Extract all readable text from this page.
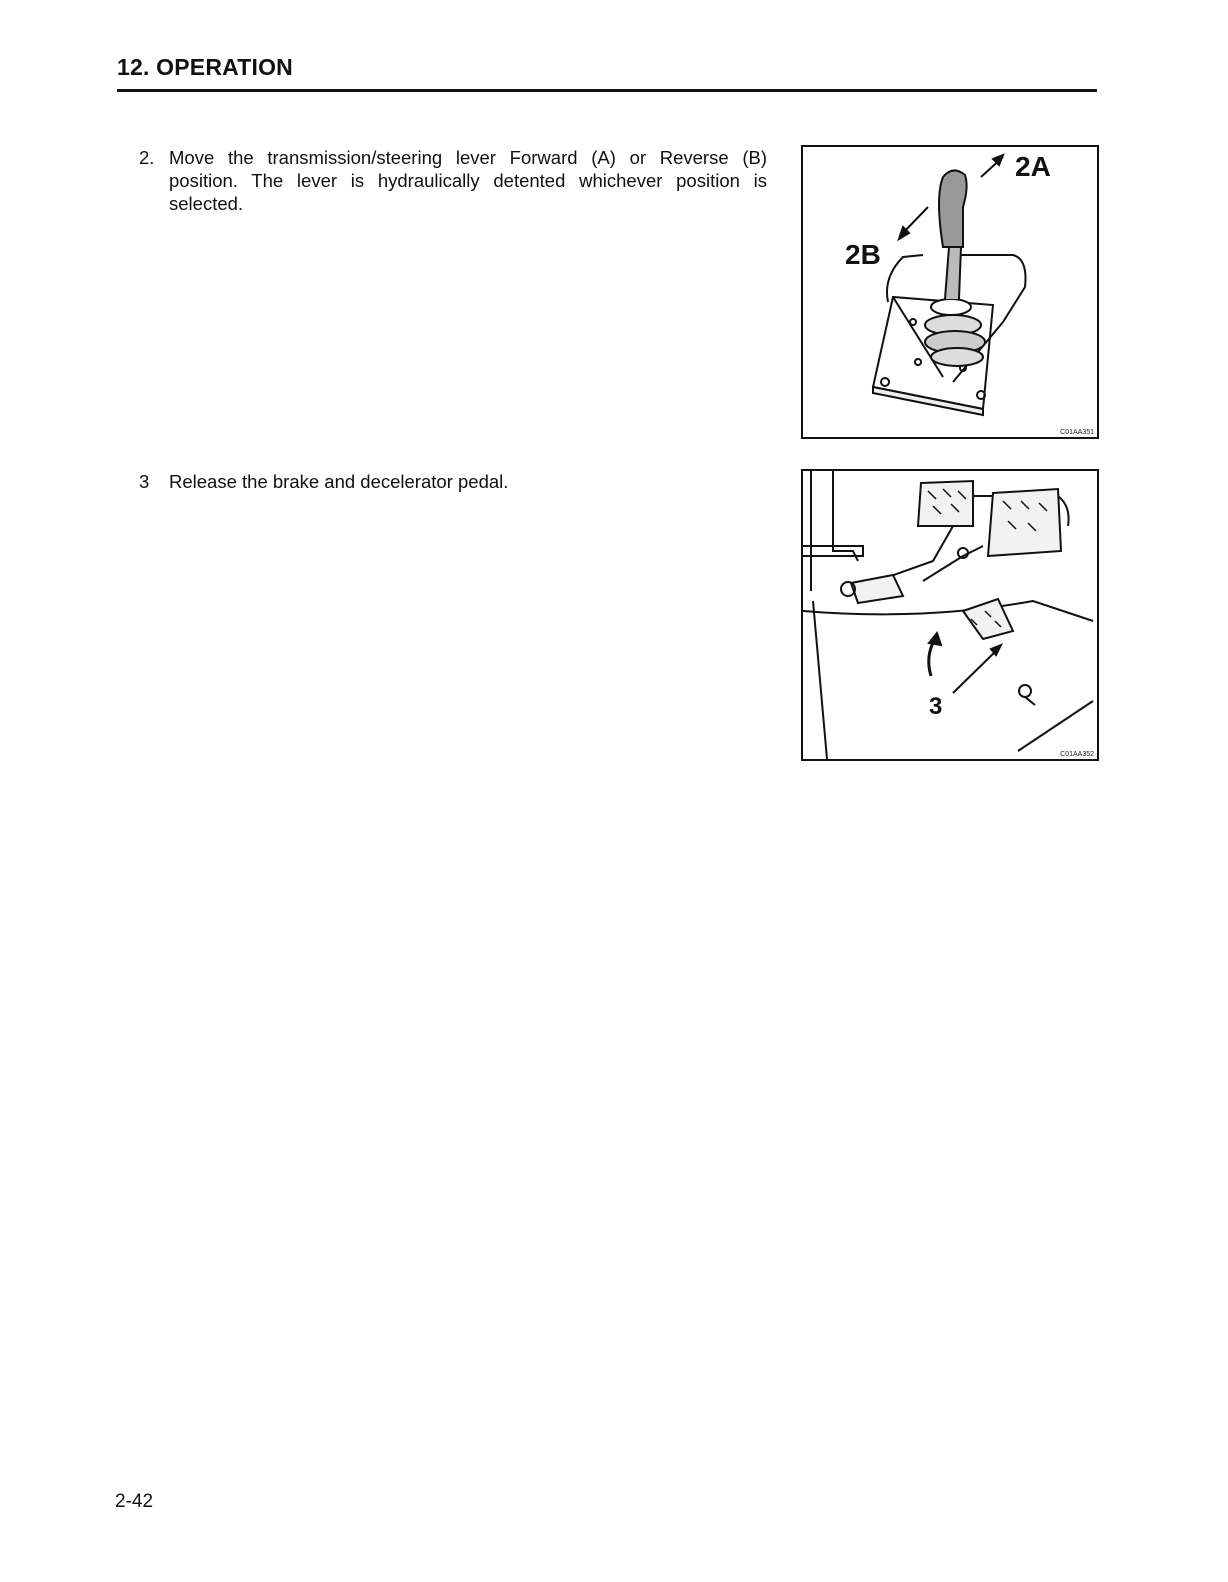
12. OPERATION
2. Move the transmission/steering lever Forward (A) or Reverse (B) position. The lever is hydraulically detented whichever position is selected.
2A
2B
C01AA351
3 Release the brake and decelerator pedal.
3
C01AA352
2-42
